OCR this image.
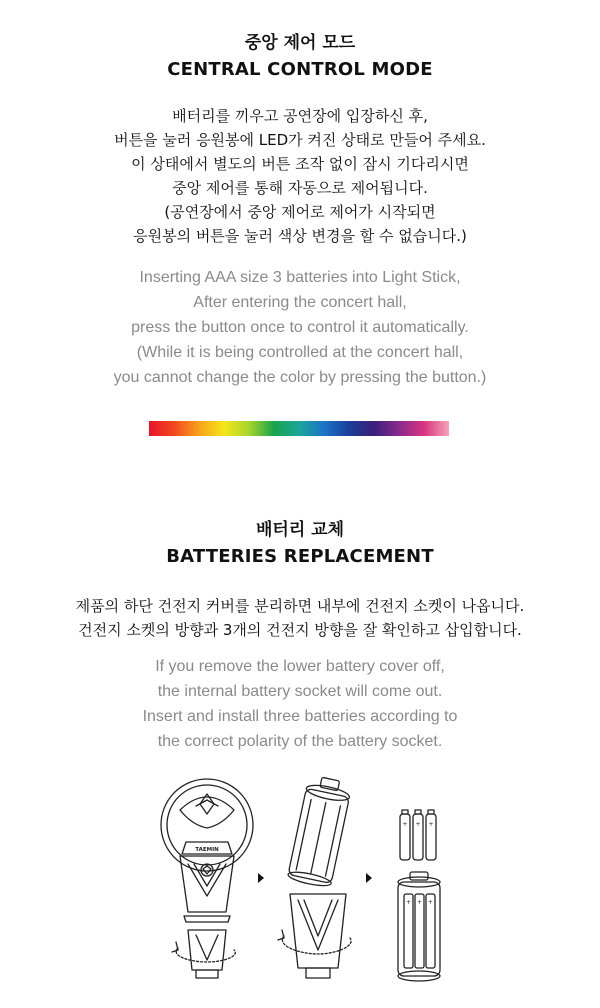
중앙 제어 모드
CENTRAL CONTROL MODE
배터리를 끼우고 공연장에 입장하신 후,
버튼을 눌러 응원봉에 LED가 켜진 상태로 만들어 주세요.
이 상태에서 별도의 버튼 조작 없이 잠시 기다리시면
중앙 제어를 통해 자동으로 제어됩니다.
(공연장에서 중앙 제어로 제어가 시작되면
응원봉의 버튼을 눌러 색상 변경을 할 수 없습니다.)
Inserting AAA size 3 batteries into Light Stick,
After entering the concert hall,
press the button once to control it automatically.
(While it is being controlled at the concert hall,
you cannot change the color by pressing the button.)
배터리 교체
BATTERIES REPLACEMENT
제품의 하단 건전지 커버를 분리하면 내부에 건전지 소켓이 나옵니다.
건전지 소켓의 방향과 3개의 건전지 방향을 잘 확인하고 삽입합니다.
If you remove the lower battery cover off,
the internal battery socket will come out.
Insert and install three batteries according to
the correct polarity of the battery socket.
TAEMIN
+ + +
+ + +
